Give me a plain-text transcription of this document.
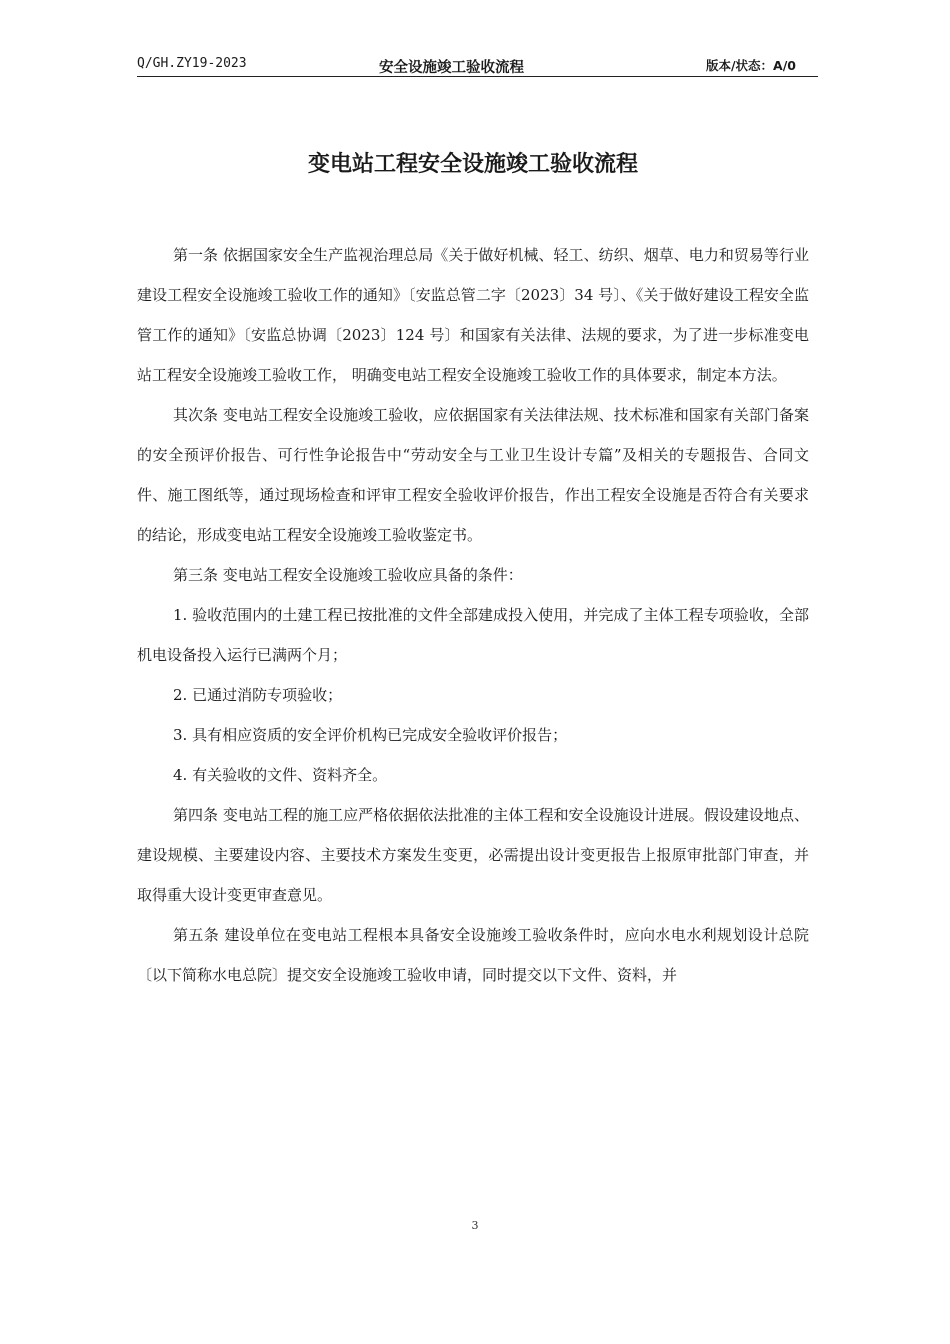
Q/GH.ZY19-2023	安全设施竣工验收流程	版本/状态：A/0
变电站工程安全设施竣工验收流程

第一条 依据国家安全生产监视治理总局《关于做好机械、轻工、纺织、烟草、电力和贸易等行业建设工程安全设施竣工验收工作的通知》〔安监总管二字〔2023〕34 号〕、《关于做好建设工程安全监管工作的通知》〔安监总协调〔2023〕124 号〕和国家有关法律、法规的要求，为了进一步标准变电站工程安全设施竣工验收工作， 明确变电站工程安全设施竣工验收工作的具体要求，制定本方法。

其次条 变电站工程安全设施竣工验收，应依据国家有关法律法规、技术标准和国家有关部门备案的安全预评价报告、可行性争论报告中“劳动安全与工业卫生设计专篇”及相关的专题报告、合同文件、施工图纸等，通过现场检查和评审工程安全验收评价报告，作出工程安全设施是否符合有关要求的结论，形成变电站工程安全设施竣工验收鉴定书。

第三条 变电站工程安全设施竣工验收应具备的条件：

1. 验收范围内的土建工程已按批准的文件全部建成投入使用，并完成了主体工程专项验收，全部机电设备投入运行已满两个月；

2. 已通过消防专项验收；

3. 具有相应资质的安全评价机构已完成安全验收评价报告；

4. 有关验收的文件、资料齐全。

第四条 变电站工程的施工应严格依据依法批准的主体工程和安全设施设计进展。假设建设地点、建设规模、主要建设内容、主要技术方案发生变更，必需提出设计变更报告上报原审批部门审查，并取得重大设计变更审查意见。

第五条 建设单位在变电站工程根本具备安全设施竣工验收条件时，应向水电水利规划设计总院〔以下简称水电总院〕提交安全设施竣工验收申请，同时提交以下文件、资料，并

3
